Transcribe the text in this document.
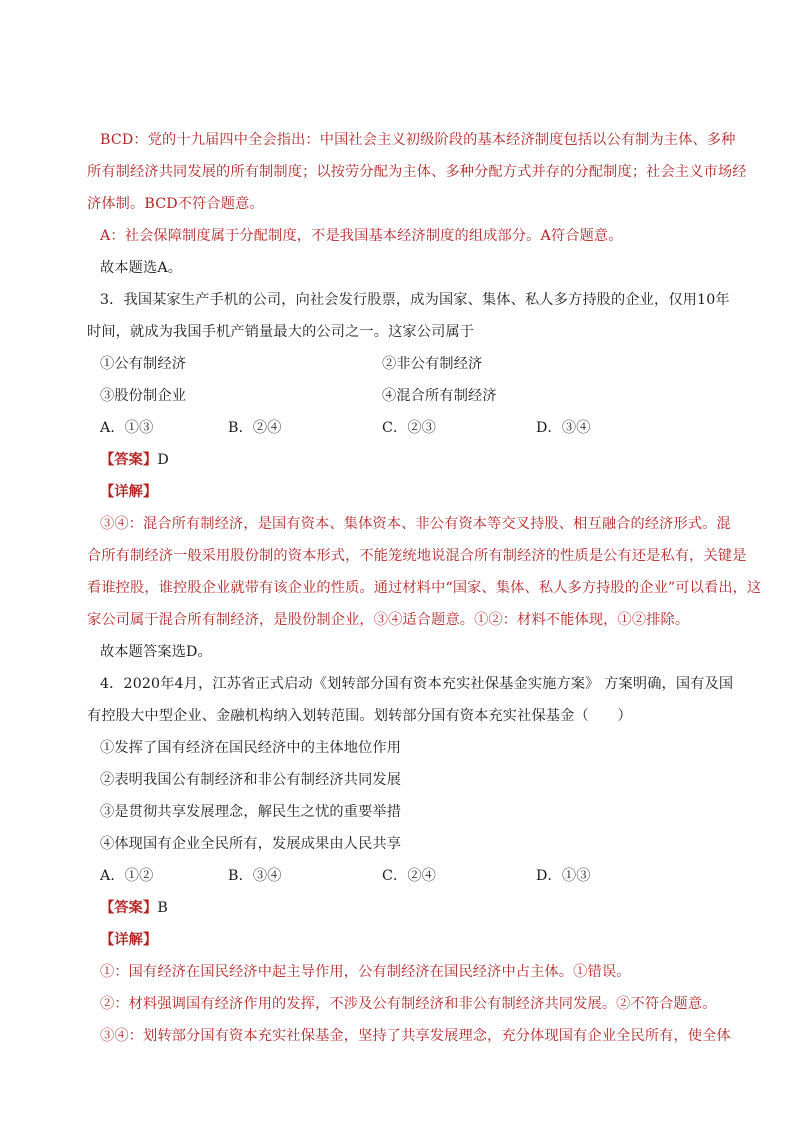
BCD：党的十九届四中全会指出：中国社会主义初级阶段的基本经济制度包括以公有制为主体、多种
所有制经济共同发展的所有制制度；以按劳分配为主体、多种分配方式并存的分配制度；社会主义市场经
济体制。BCD不符合题意。
A：社会保障制度属于分配制度，不是我国基本经济制度的组成部分。A符合题意。
故本题选A。
3．我国某家生产手机的公司，向社会发行股票，成为国家、集体、私人多方持股的企业，仅用10年
时间，就成为我国手机产销量最大的公司之一。这家公司属于
①公有制经济	②非公有制经济
③股份制企业	④混合所有制经济
A．①③	B．②④	C．②③	D．③④
【答案】D
【详解】
③④：混合所有制经济，是国有资本、集体资本、非公有资本等交叉持股、相互融合的经济形式。混
合所有制经济一般采用股份制的资本形式，不能笼统地说混合所有制经济的性质是公有还是私有，关键是
看谁控股，谁控股企业就带有该企业的性质。通过材料中“国家、集体、私人多方持股的企业”可以看出，这
家公司属于混合所有制经济，是股份制企业，③④适合题意。①②：材料不能体现，①②排除。
故本题答案选D。
4．2020年4月，江苏省正式启动《划转部分国有资本充实社保基金实施方案》 方案明确，国有及国
有控股大中型企业、金融机构纳入划转范围。划转部分国有资本充实社保基金（　　）
①发挥了国有经济在国民经济中的主体地位作用
②表明我国公有制经济和非公有制经济共同发展
③是贯彻共享发展理念，解民生之忧的重要举措
④体现国有企业全民所有，发展成果由人民共享
A．①②	B．③④	C．②④	D．①③
【答案】B
【详解】
①：国有经济在国民经济中起主导作用，公有制经济在国民经济中占主体。①错误。
②：材料强调国有经济作用的发挥，不涉及公有制经济和非公有制经济共同发展。②不符合题意。
③④：划转部分国有资本充实社保基金，坚持了共享发展理念，充分体现国有企业全民所有，使全体
